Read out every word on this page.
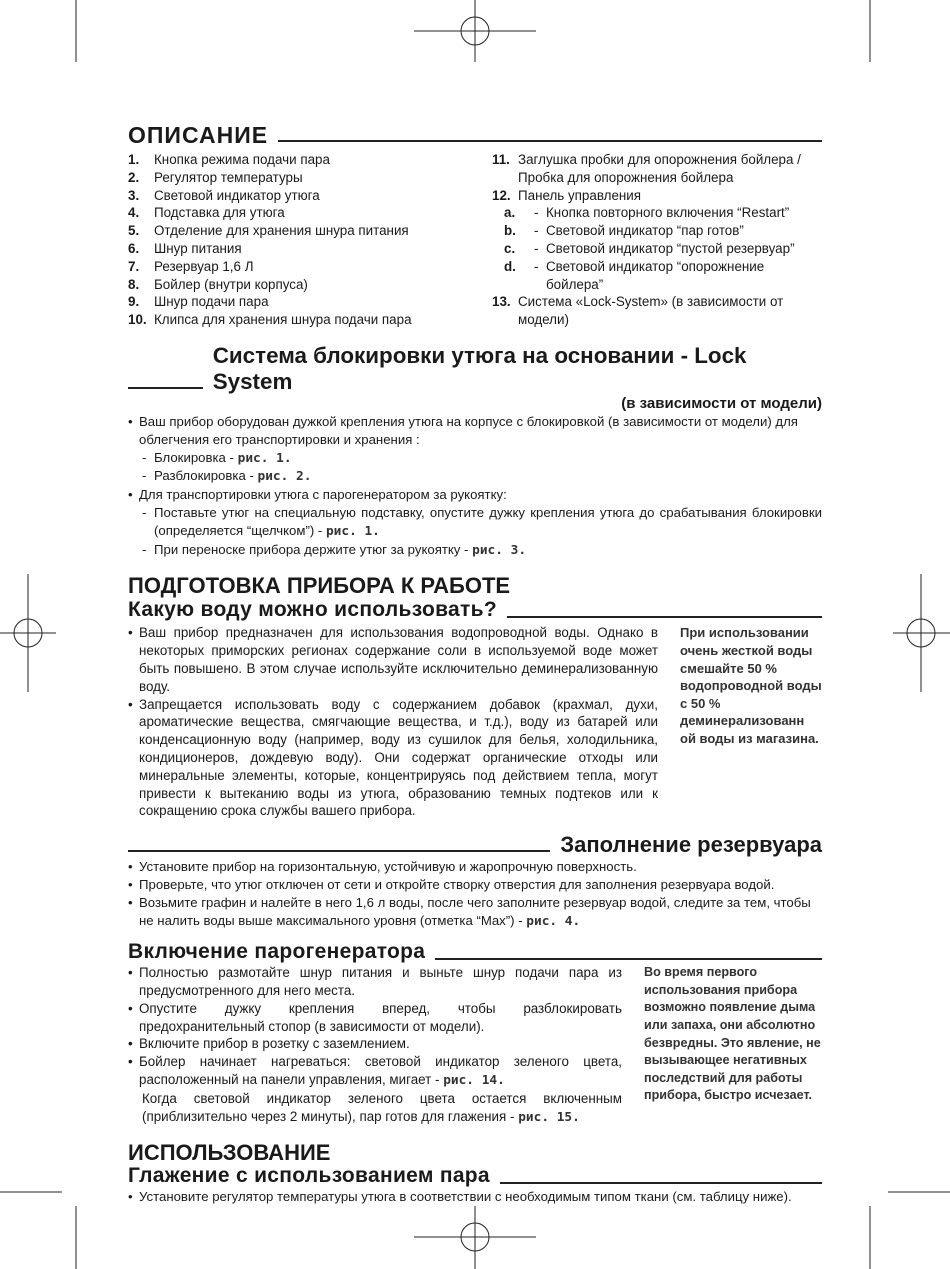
ОПИСАНИЕ
1.	Кнопка режима подачи пара
2.	Регулятор температуры
3.	Световой индикатор утюга
4.	Подставка для утюга
5.	Отделение для хранения шнура питания
6.	Шнур питания
7.	Резервуар 1,6 Л
8.	Бойлер (внутри корпуса)
9.	Шнур подачи пара
10. Клипса для хранения шнура подачи пара
11. Заглушка пробки для опорожнения бойлера / Пробка для опорожнения бойлера
12. Панель управления
a.	- Кнопка повторного включения “Restart”
b.	- Световой индикатор “пар готов”
c.	- Световой индикатор “пустой резервуар”
d.	- Световой индикатор “опорожнение бойлера”
13. Система «Lock-System» (в зависимости от модели)
Система блокировки утюга на основании - Lock System
(в зависимости от модели)
• Ваш прибор оборудован дужкой крепления утюга на корпусе с блокировкой (в зависимости от модели) для облегчения его транспортировки и хранения :
- Блокировка - рис. 1.
- Разблокировка - рис. 2.
• Для транспортировки утюга с парогенератором за рукоятку:
- Поставьте утюг на специальную подставку, опустите дужку крепления утюга до срабатывания блокировки (определяется “щелчком”) - рис. 1.
- При переноске прибора держите утюг за рукоятку - рис. 3.
ПОДГОТОВКА ПРИБОРА К РАБОТЕ
Какую воду можно использовать?
• Ваш прибор предназначен для использования водопроводной воды. Однако в некоторых приморских регионах содержание соли в используемой воде может быть повышено. В этом случае используйте исключительно деминерализованную воду.
• Запрещается использовать воду с содержанием добавок (крахмал, духи, ароматические вещества, смягчающие вещества, и т.д.), воду из батарей или конденсационную воду (например, воду из сушилок для белья, холодильника, кондиционеров, дождевую воду). Они содержат органические отходы или минеральные элементы, которые, концентрируясь под действием тепла, могут привести к вытеканию воды из утюга, образованию темных подтеков или к сокращению срока службы вашего прибора.
При использовании очень жесткой воды смешайте 50 % водопроводной воды с 50 % деминерализованн ой воды из магазина.
Заполнение резервуара
• Установите прибор на горизонтальную, устойчивую и жаропрочную поверхность.
• Проверьте, что утюг отключен от сети и откройте створку отверстия для заполнения резервуара водой.
• Возьмите графин и налейте в него 1,6 л воды, после чего заполните резервуар водой, следите за тем, чтобы не налить воды выше максимального уровня (отметка “Max”) - рис. 4.
Включение парогенератора
• Полностью размотайте шнур питания и выньте шнур подачи пара из предусмотренного для него места.
• Опустите дужку крепления вперед, чтобы разблокировать предохранительный стопор (в зависимости от модели).
• Включите прибор в розетку с заземлением.
• Бойлер начинает нагреваться: световой индикатор зеленого цвета, расположенный на панели управления, мигает - рис. 14.
Когда световой индикатор зеленого цвета остается включенным (приблизительно через 2 минуты), пар готов для глажения - рис. 15.
Во время первого использования прибора возможно появление дыма или запаха, они абсолютно безвредны. Это явление, не вызывающее негативных последствий для работы прибора, быстро исчезает.
ИСПОЛЬЗОВАНИЕ
Глажение с использованием пара
• Установите регулятор температуры утюга в соответствии с необходимым типом ткани (см. таблицу ниже).
